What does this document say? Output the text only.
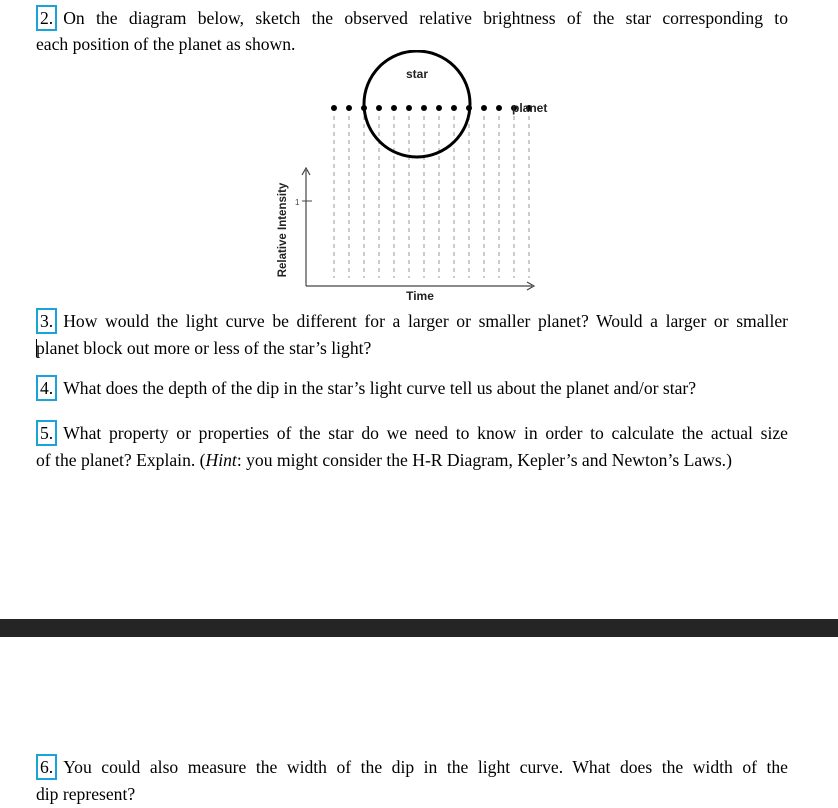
2. On the diagram below, sketch the observed relative brightness of the star corresponding to
each position of the planet as shown.
star
planet
1
Relative Intensity
Time
3. How would the light curve be different for a larger or smaller planet? Would a larger or smaller
planet block out more or less of the star’s light?
4. What does the depth of the dip in the star’s light curve tell us about the planet and/or star?
5. What property or properties of the star do we need to know in order to calculate the actual size
of the planet? Explain. (Hint: you might consider the H-R Diagram, Kepler’s and Newton’s Laws.)
6. You could also measure the width of the dip in the light curve. What does the width of the
dip represent?
